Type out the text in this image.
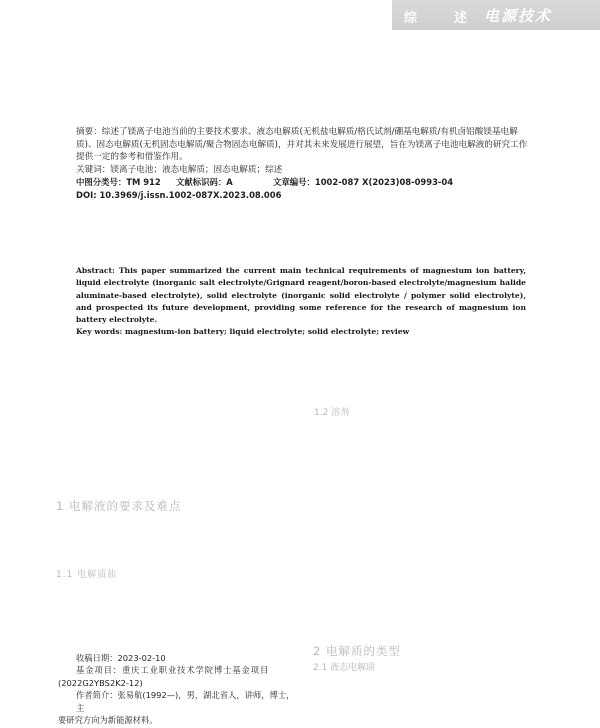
综	述 电源技术

摘要：综述了镁离子电池当前的主要技术要求、液态电解质(无机盐电解质/格氏试剂/硼基电解质/有机卤铝酸镁基电解质)、固态电解质(无机固态电解质/聚合物固态电解质)，并对其未来发展进行展望，旨在为镁离子电池电解液的研究工作提供一定的参考和借鉴作用。

关键词：镁离子电池；液态电解质；固态电解质；综述

中图分类号：TM 912 文献标识码：A	文章编号：1002-087 X(2023)08-0993-04

DOI: 10.3969/j.issn.1002-087X.2023.08.006

Abstract: This paper summarized the current main technical requirements of magnesium ion battery, liquid electrolyte (inorganic salt electrolyte/Grignard reagent/boron-based electrolyte/magnesium halide aluminate-based electrolyte), solid electrolyte (inorganic solid electrolyte / polymer solid electrolyte), and prospected its future development, providing some reference for the research of magnesium ion battery electrolyte.

Key words: magnesium-ion battery; liquid electrolyte; solid electrolyte; review

1.2 溶剂
1 电解液的要求及难点
1.1 电解质盐
2 电解质的类型
2.1 液态电解质

收稿日期：2023-02-10

基金项目：重庆工业职业技术学院博士基金项目

(2022G2YBS2K2-12)

作者简介：张易航(1992—)，男，湖北省人，讲师，博士，主

要研究方向为新能源材料。
